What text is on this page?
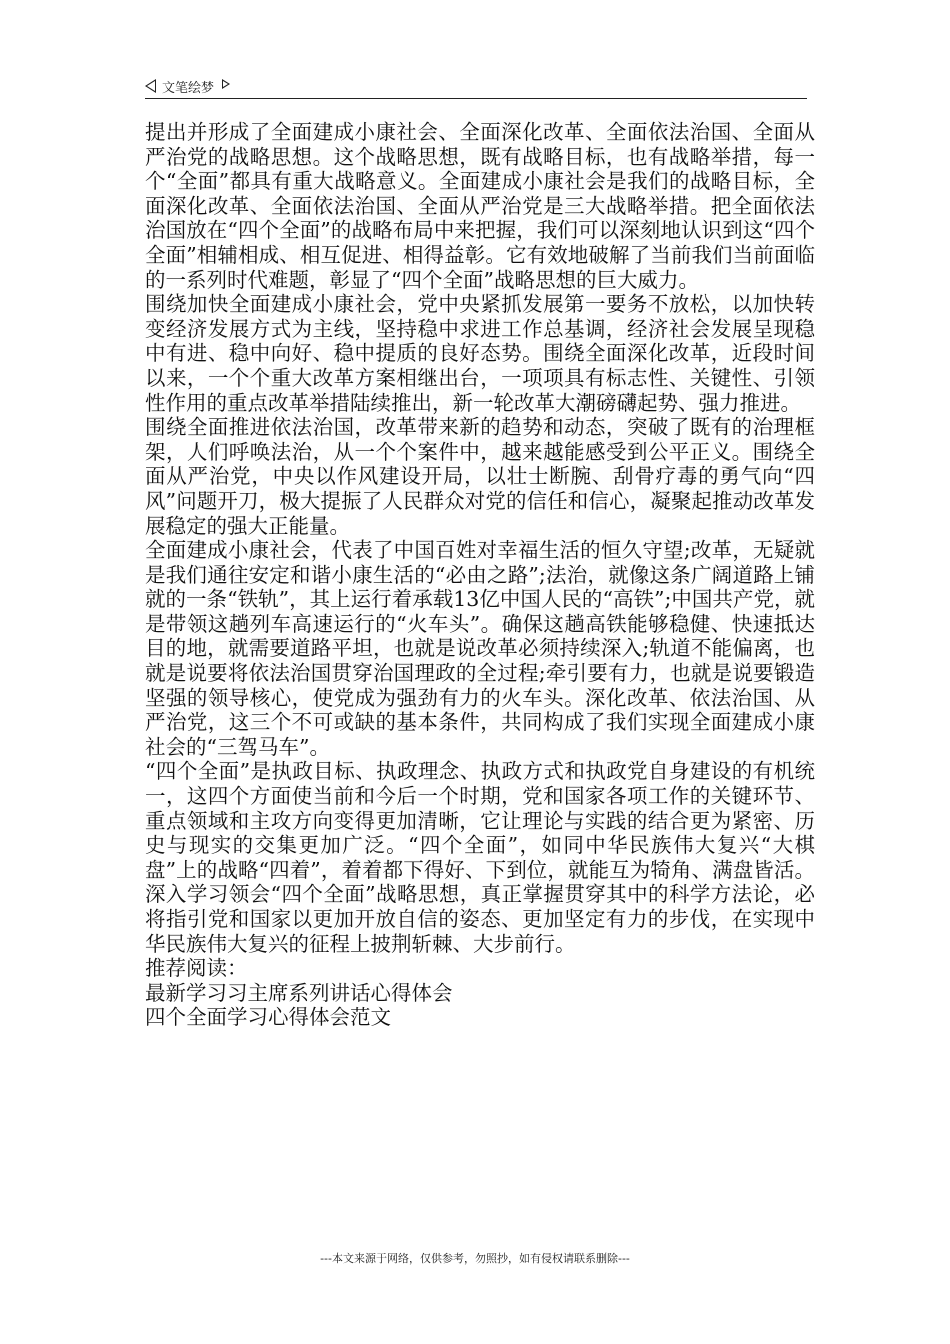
文笔绘梦

提出并形成了全面建成小康社会、全面深化改革、全面依法治国、全面从严治党的战略思想。这个战略思想，既有战略目标，也有战略举措，每一个“全面”都具有重大战略意义。全面建成小康社会是我们的战略目标，全面深化改革、全面依法治国、全面从严治党是三大战略举措。把全面依法治国放在“四个全面”的战略布局中来把握，我们可以深刻地认识到这“四个全面”相辅相成、相互促进、相得益彰。它有效地破解了当前我们当前面临的一系列时代难题，彰显了“四个全面”战略思想的巨大威力。

围绕加快全面建成小康社会，党中央紧抓发展第一要务不放松，以加快转变经济发展方式为主线，坚持稳中求进工作总基调，经济社会发展呈现稳中有进、稳中向好、稳中提质的良好态势。围绕全面深化改革，近段时间以来，一个个重大改革方案相继出台，一项项具有标志性、关键性、引领性作用的重点改革举措陆续推出，新一轮改革大潮磅礴起势、强力推进。

围绕全面推进依法治国，改革带来新的趋势和动态，突破了既有的治理框架，人们呼唤法治，从一个个案件中，越来越能感受到公平正义。围绕全面从严治党，中央以作风建设开局，以壮士断腕、刮骨疗毒的勇气向“四风”问题开刀，极大提振了人民群众对党的信任和信心，凝聚起推动改革发展稳定的强大正能量。

全面建成小康社会，代表了中国百姓对幸福生活的恒久守望;改革，无疑就是我们通往安定和谐小康生活的“必由之路”;法治，就像这条广阔道路上铺就的一条“铁轨”，其上运行着承载13亿中国人民的“高铁”;中国共产党，就是带领这趟列车高速运行的“火车头”。确保这趟高铁能够稳健、快速抵达目的地，就需要道路平坦，也就是说改革必须持续深入;轨道不能偏离，也就是说要将依法治国贯穿治国理政的全过程;牵引要有力，也就是说要锻造坚强的领导核心，使党成为强劲有力的火车头。深化改革、依法治国、从严治党，这三个不可或缺的基本条件，共同构成了我们实现全面建成小康社会的“三驾马车”。

“四个全面”是执政目标、执政理念、执政方式和执政党自身建设的有机统一，这四个方面使当前和今后一个时期，党和国家各项工作的关键环节、重点领域和主攻方向变得更加清晰，它让理论与实践的结合更为紧密、历史与现实的交集更加广泛。“四个全面”，如同中华民族伟大复兴“大棋盘”上的战略“四着”，着着都下得好、下到位，就能互为犄角、满盘皆活。深入学习领会“四个全面”战略思想，真正掌握贯穿其中的科学方法论，必将指引党和国家以更加开放自信的姿态、更加坚定有力的步伐，在实现中华民族伟大复兴的征程上披荆斩棘、大步前行。

推荐阅读：

最新学习习主席系列讲话心得体会

四个全面学习心得体会范文

---本文来源于网络，仅供参考，勿照抄，如有侵权请联系删除---
